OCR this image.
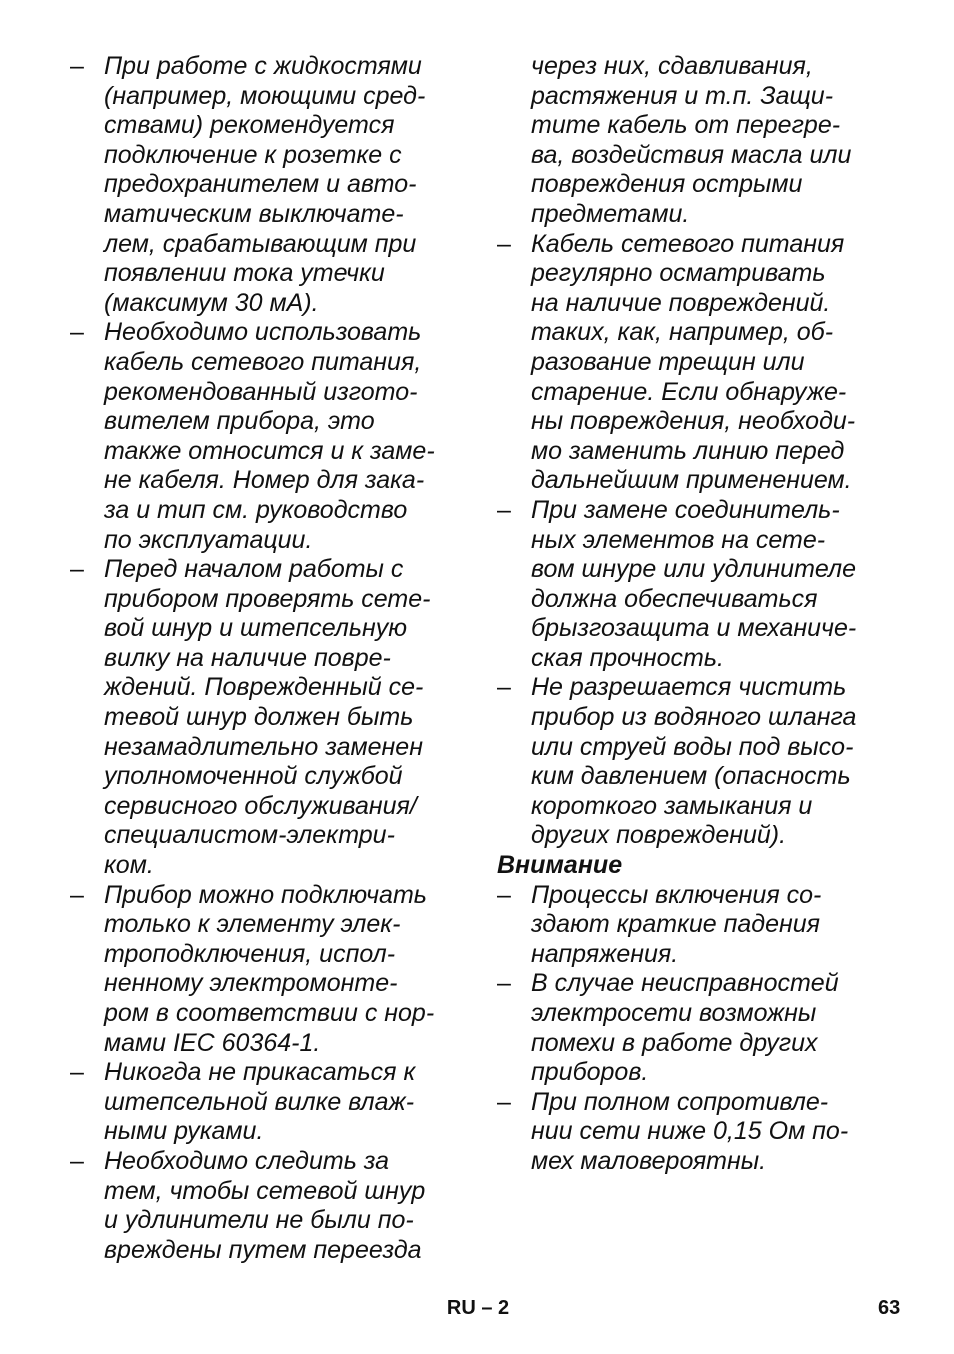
– При работе с жидкостями
(например, моющими сред-
ствами) рекомендуется
подключение к розетке с
предохранителем и авто-
матическим выключате-
лем, срабатывающим при
появлении тока утечки
(максимум 30 мА).
– Необходимо использовать
кабель сетевого питания,
рекомендованный изгото-
вителем прибора, это
также относится и к заме-
не кабеля. Номер для зака-
за и тип см. руководство
по эксплуатации.
– Перед началом работы с
прибором проверять сете-
вой шнур и штепсельную
вилку на наличие повре-
ждений. Поврежденный се-
тевой шнур должен быть
незамадлительно заменен
уполномоченной службой
сервисного обслуживания/
специалистом-электри-
ком.
– Прибор можно подключать
только к элементу элек-
троподключения, испол-
ненному электромонте-
ром в соответствии с нор-
мами IEC 60364-1.
– Никогда не прикасаться к
штепсельной вилке влаж-
ными руками.
– Необходимо следить за
тем, чтобы сетевой шнур
и удлинители не были по-
вреждены путем переезда
через них, сдавливания,
растяжения и т.п. Защи-
тите кабель от перегре-
ва, воздействия масла или
повреждения острыми
предметами.
– Кабель сетевого питания
регулярно осматривать
на наличие повреждений.
таких, как, например, об-
разование трещин или
старение. Если обнаруже-
ны повреждения, необходи-
мо заменить линию перед
дальнейшим применением.
– При замене соединитель-
ных элементов на сете-
вом шнуре или удлинителе
должна обеспечиваться
брызгозащита и механиче-
ская прочность.
– Не разрешается чистить
прибор из водяного шланга
или струей воды под высо-
ким давлением (опасность
короткого замыкания и
других повреждений).
Внимание
– Процессы включения со-
здают краткие падения
напряжения.
– В случае неисправностей
электросети возможны
помехи в работе других
приборов.
– При полном сопротивле-
нии сети ниже 0,15 Ом по-
мех маловероятны.
RU – 2	63
